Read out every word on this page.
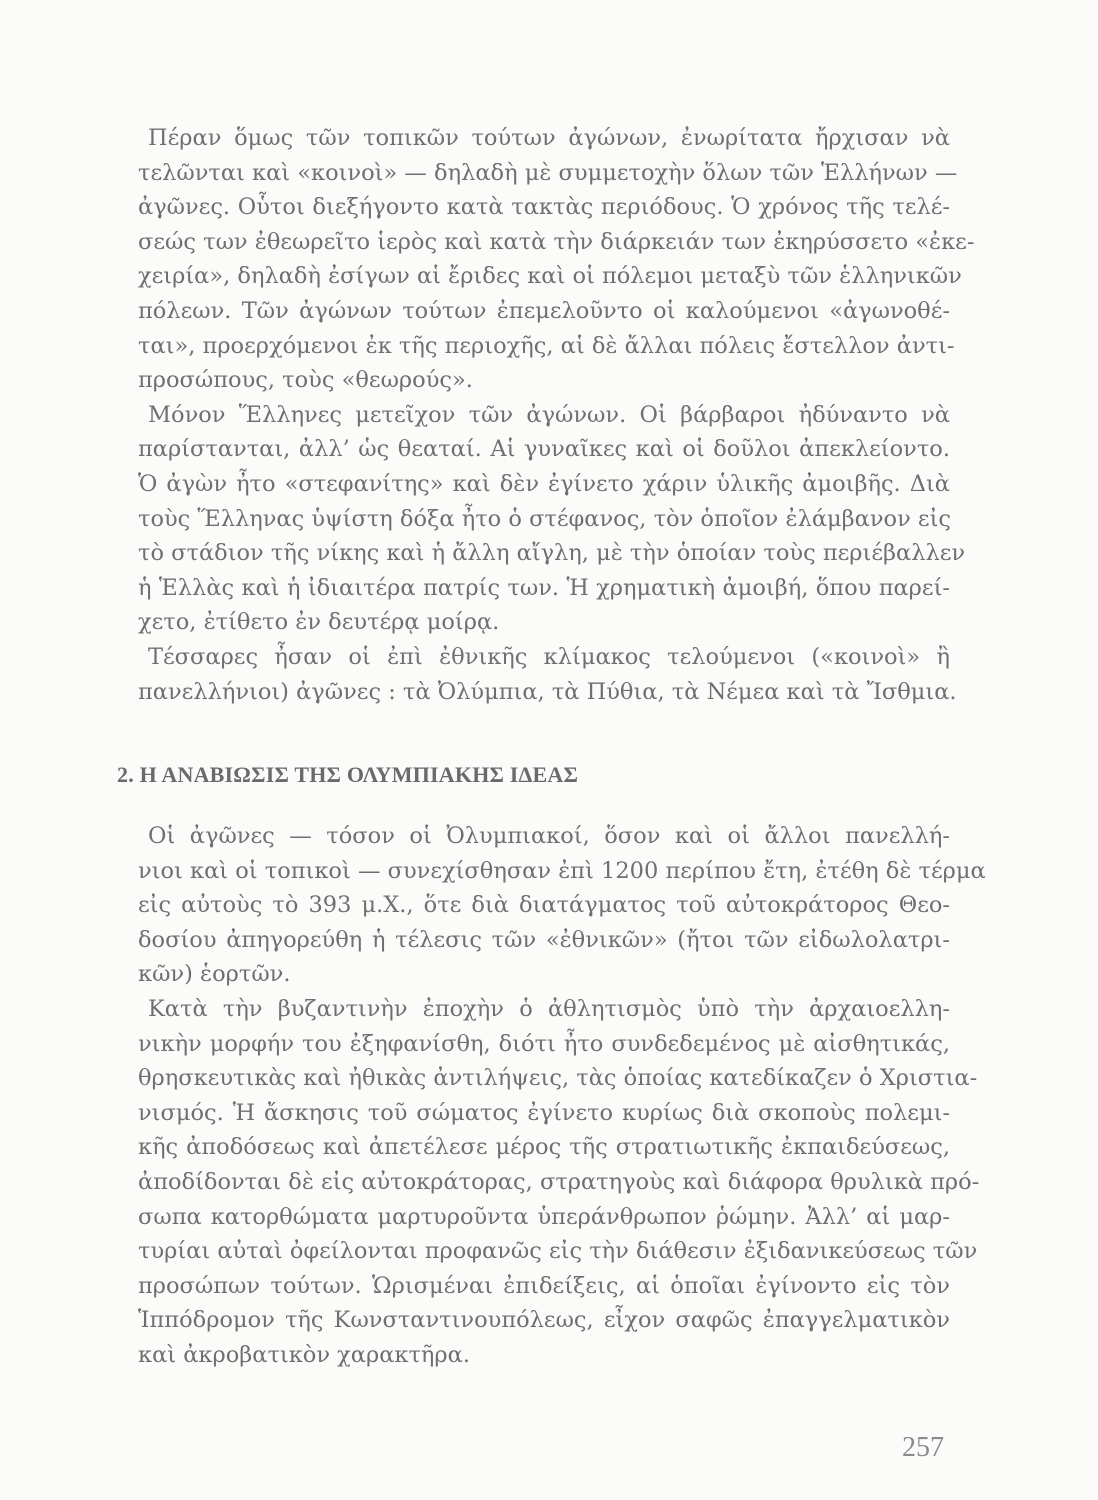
Πέραν ὅμως τῶν τοπικῶν τούτων ἀγώνων, ἐνωρίτατα ἤρχισαν νὰ
τελῶνται καὶ «κοινοὶ» — δηλαδὴ μὲ συμμετοχὴν ὅλων τῶν Ἑλλήνων —
ἀγῶνες. Οὗτοι διεξήγοντο κατὰ τακτὰς περιόδους. Ὁ χρόνος τῆς τελέ-
σεώς των ἐθεωρεῖτο ἱερὸς καὶ κατὰ τὴν διάρκειάν των ἐκηρύσσετο «ἐκε-
χειρία», δηλαδὴ ἐσίγων αἱ ἔριδες καὶ οἱ πόλεμοι μεταξὺ τῶν ἑλληνικῶν
πόλεων. Τῶν ἀγώνων τούτων ἐπεμελοῦντο οἱ καλούμενοι «ἀγωνοθέ-
ται», προερχόμενοι ἐκ τῆς περιοχῆς, αἱ δὲ ἄλλαι πόλεις ἔστελλον ἀντι-
προσώπους, τοὺς «θεωρούς».
Μόνον Ἕλληνες μετεῖχον τῶν ἀγώνων. Οἱ βάρβαροι ἠδύναντο νὰ
παρίστανται, ἀλλ’ ὡς θεαταί. Αἱ γυναῖκες καὶ οἱ δοῦλοι ἀπεκλείοντο.
Ὁ ἀγὼν ἦτο «στεφανίτης» καὶ δὲν ἐγίνετο χάριν ὑλικῆς ἀμοιβῆς. Διὰ
τοὺς Ἕλληνας ὑψίστη δόξα ἦτο ὁ στέφανος, τὸν ὁποῖον ἐλάμβανον εἰς
τὸ στάδιον τῆς νίκης καὶ ἡ ἄλλη αἴγλη, μὲ τὴν ὁποίαν τοὺς περιέβαλλεν
ἡ Ἑλλὰς καὶ ἡ ἰδιαιτέρα πατρίς των. Ἡ χρηματικὴ ἀμοιβή, ὅπου παρεί-
χετο, ἐτίθετο ἐν δευτέρᾳ μοίρᾳ.
Τέσσαρες ἦσαν οἱ ἐπὶ ἐθνικῆς κλίμακος τελούμενοι («κοινοὶ» ἢ
πανελλήνιοι) ἀγῶνες : τὰ Ὀλύμπια, τὰ Πύθια, τὰ Νέμεα καὶ τὰ Ἴσθμια.
2. Η ΑΝΑΒΙΩΣΙΣ ΤΗΣ ΟΛΥΜΠΙΑΚΗΣ ΙΔΕΑΣ
Οἱ ἀγῶνες — τόσον οἱ Ὀλυμπιακοί, ὅσον καὶ οἱ ἄλλοι πανελλή-
νιοι καὶ οἱ τοπικοὶ — συνεχίσθησαν ἐπὶ 1200 περίπου ἔτη, ἐτέθη δὲ τέρμα
εἰς αὐτοὺς τὸ 393 μ.Χ., ὅτε διὰ διατάγματος τοῦ αὐτοκράτορος Θεο-
δοσίου ἀπηγορεύθη ἡ τέλεσις τῶν «ἐθνικῶν» (ἤτοι τῶν εἰδωλολατρι-
κῶν) ἑορτῶν.
Κατὰ τὴν βυζαντινὴν ἐποχὴν ὁ ἀθλητισμὸς ὑπὸ τὴν ἀρχαιοελλη-
νικὴν μορφήν του ἐξηφανίσθη, διότι ἦτο συνδεδεμένος μὲ αἰσθητικάς,
θρησκευτικὰς καὶ ἠθικὰς ἀντιλήψεις, τὰς ὁποίας κατεδίκαζεν ὁ Χριστια-
νισμός. Ἡ ἄσκησις τοῦ σώματος ἐγίνετο κυρίως διὰ σκοποὺς πολεμι-
κῆς ἀποδόσεως καὶ ἀπετέλεσε μέρος τῆς στρατιωτικῆς ἐκπαιδεύσεως,
ἀποδίδονται δὲ εἰς αὐτοκράτορας, στρατηγοὺς καὶ διάφορα θρυλικὰ πρό-
σωπα κατορθώματα μαρτυροῦντα ὑπεράνθρωπον ῥώμην. Ἀλλ’ αἱ μαρ-
τυρίαι αὐταὶ ὀφείλονται προφανῶς εἰς τὴν διάθεσιν ἐξιδανικεύσεως τῶν
προσώπων τούτων. Ὡρισμέναι ἐπιδείξεις, αἱ ὁποῖαι ἐγίνοντο εἰς τὸν
Ἱππόδρομον τῆς Κωνσταντινουπόλεως, εἶχον σαφῶς ἐπαγγελματικὸν
καὶ ἀκροβατικὸν χαρακτῆρα.
257
